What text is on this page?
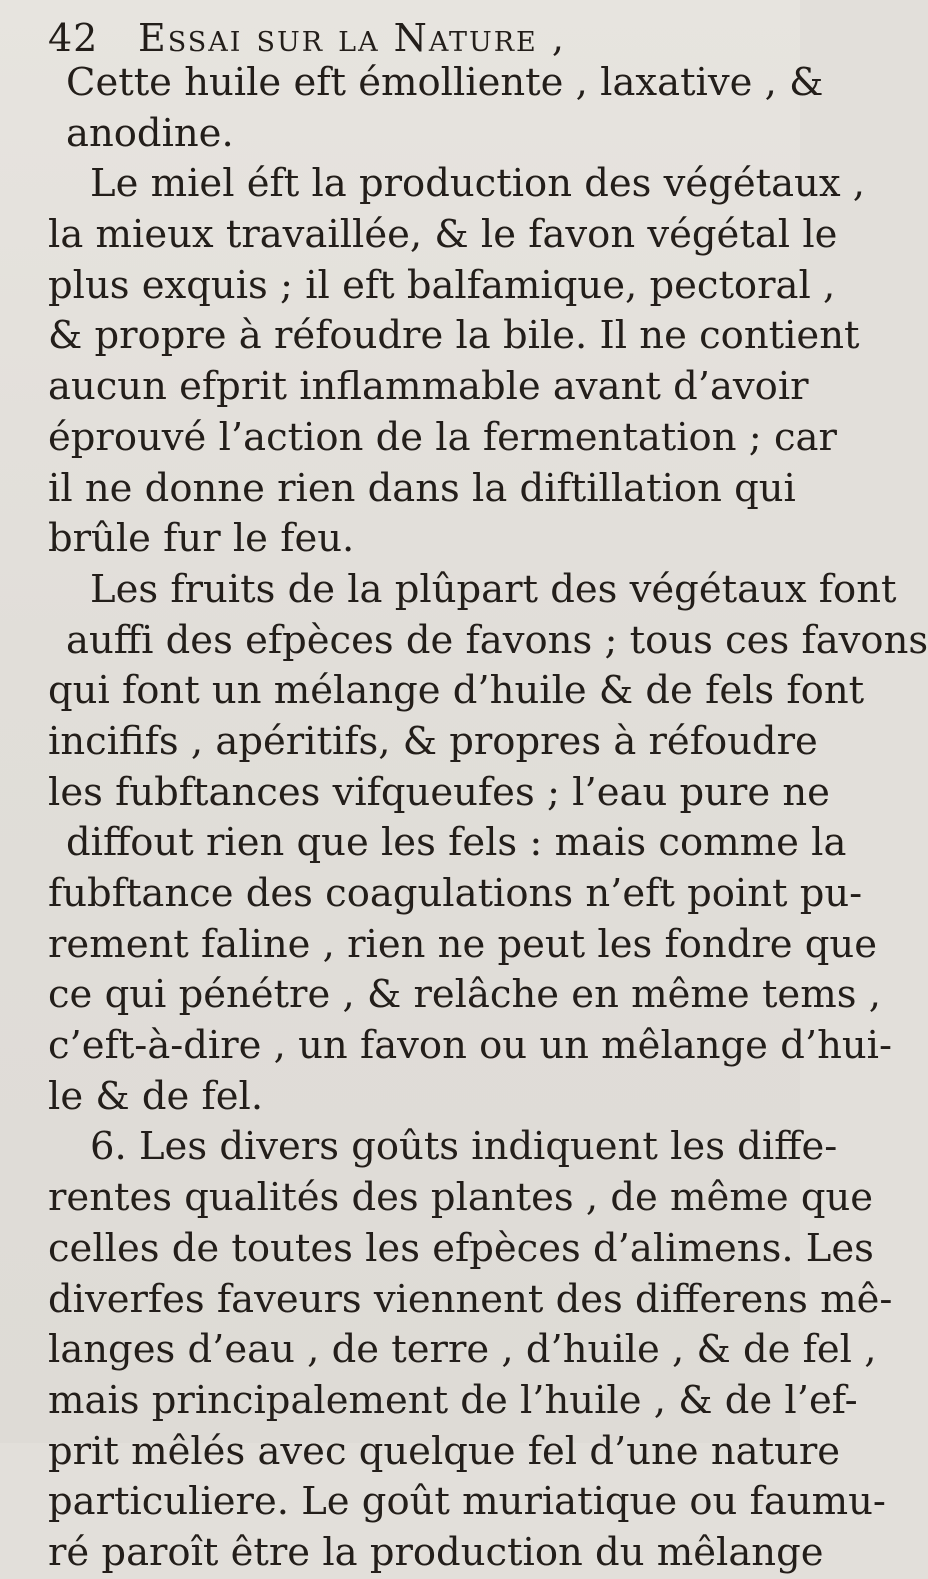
42	Essai sur la Nature ,
Cette huile eft émolliente , laxative , &
anodine.
Le miel éft la production des végétaux ,
la mieux travaillée, & le favon végétal le
plus exquis ; il eft balfamique, pectoral ,
& propre à réfoudre la bile. Il ne contient
aucun efprit inflammable avant d’avoir
éprouvé l’action de la fermentation ; car
il ne donne rien dans la diftillation qui
brûle fur le feu.
Les fruits de la plûpart des végétaux font
auffi des efpèces de favons ; tous ces favons
qui font un mélange d’huile & de fels font
incififs , apéritifs, & propres à réfoudre
les fubftances vifqueufes ; l’eau pure ne
diffout rien que les fels : mais comme la
fubftance des coagulations n’eft point pu-
rement faline , rien ne peut les fondre que
ce qui pénétre , & relâche en même tems ,
c’eft-à-dire , un favon ou un mêlange d’hui-
le & de fel.
6. Les divers goûts indiquent les diffe-
rentes qualités des plantes , de même que
celles de toutes les efpèces d’alimens. Les
diverfes faveurs viennent des differens mê-
langes d’eau , de terre , d’huile , & de fel ,
mais principalement de l’huile , & de l’ef-
prit mêlés avec quelque fel d’une nature
particuliere. Le goût muriatique ou faumu-
ré paroît être la production du mêlange
